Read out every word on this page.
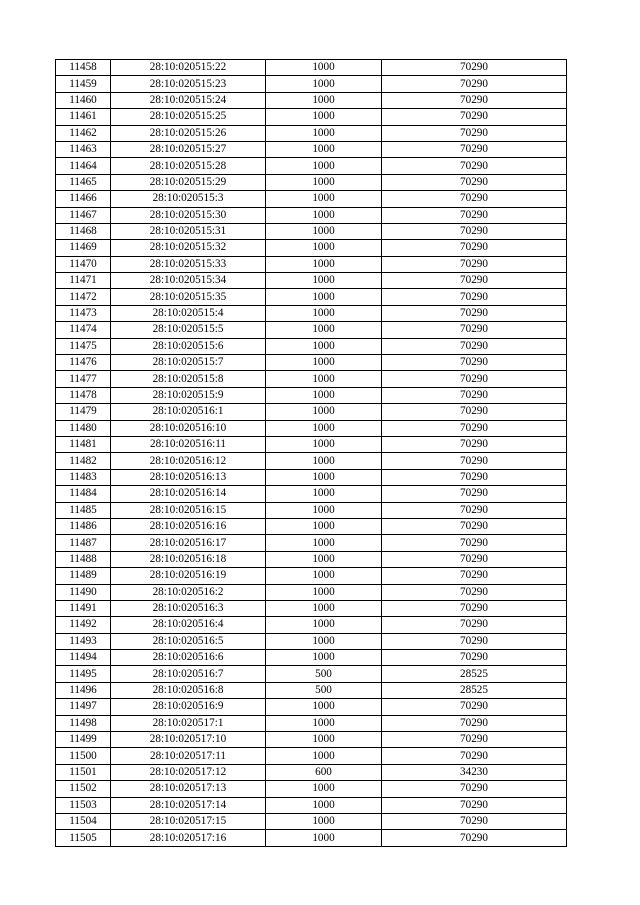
11458	28:10:020515:22	1000	70290
11459	28:10:020515:23	1000	70290
11460	28:10:020515:24	1000	70290
11461	28:10:020515:25	1000	70290
11462	28:10:020515:26	1000	70290
11463	28:10:020515:27	1000	70290
11464	28:10:020515:28	1000	70290
11465	28:10:020515:29	1000	70290
11466	28:10:020515:3	1000	70290
11467	28:10:020515:30	1000	70290
11468	28:10:020515:31	1000	70290
11469	28:10:020515:32	1000	70290
11470	28:10:020515:33	1000	70290
11471	28:10:020515:34	1000	70290
11472	28:10:020515:35	1000	70290
11473	28:10:020515:4	1000	70290
11474	28:10:020515:5	1000	70290
11475	28:10:020515:6	1000	70290
11476	28:10:020515:7	1000	70290
11477	28:10:020515:8	1000	70290
11478	28:10:020515:9	1000	70290
11479	28:10:020516:1	1000	70290
11480	28:10:020516:10	1000	70290
11481	28:10:020516:11	1000	70290
11482	28:10:020516:12	1000	70290
11483	28:10:020516:13	1000	70290
11484	28:10:020516:14	1000	70290
11485	28:10:020516:15	1000	70290
11486	28:10:020516:16	1000	70290
11487	28:10:020516:17	1000	70290
11488	28:10:020516:18	1000	70290
11489	28:10:020516:19	1000	70290
11490	28:10:020516:2	1000	70290
11491	28:10:020516:3	1000	70290
11492	28:10:020516:4	1000	70290
11493	28:10:020516:5	1000	70290
11494	28:10:020516:6	1000	70290
11495	28:10:020516:7	500	28525
11496	28:10:020516:8	500	28525
11497	28:10:020516:9	1000	70290
11498	28:10:020517:1	1000	70290
11499	28:10:020517:10	1000	70290
11500	28:10:020517:11	1000	70290
11501	28:10:020517:12	600	34230
11502	28:10:020517:13	1000	70290
11503	28:10:020517:14	1000	70290
11504	28:10:020517:15	1000	70290
11505	28:10:020517:16	1000	70290
